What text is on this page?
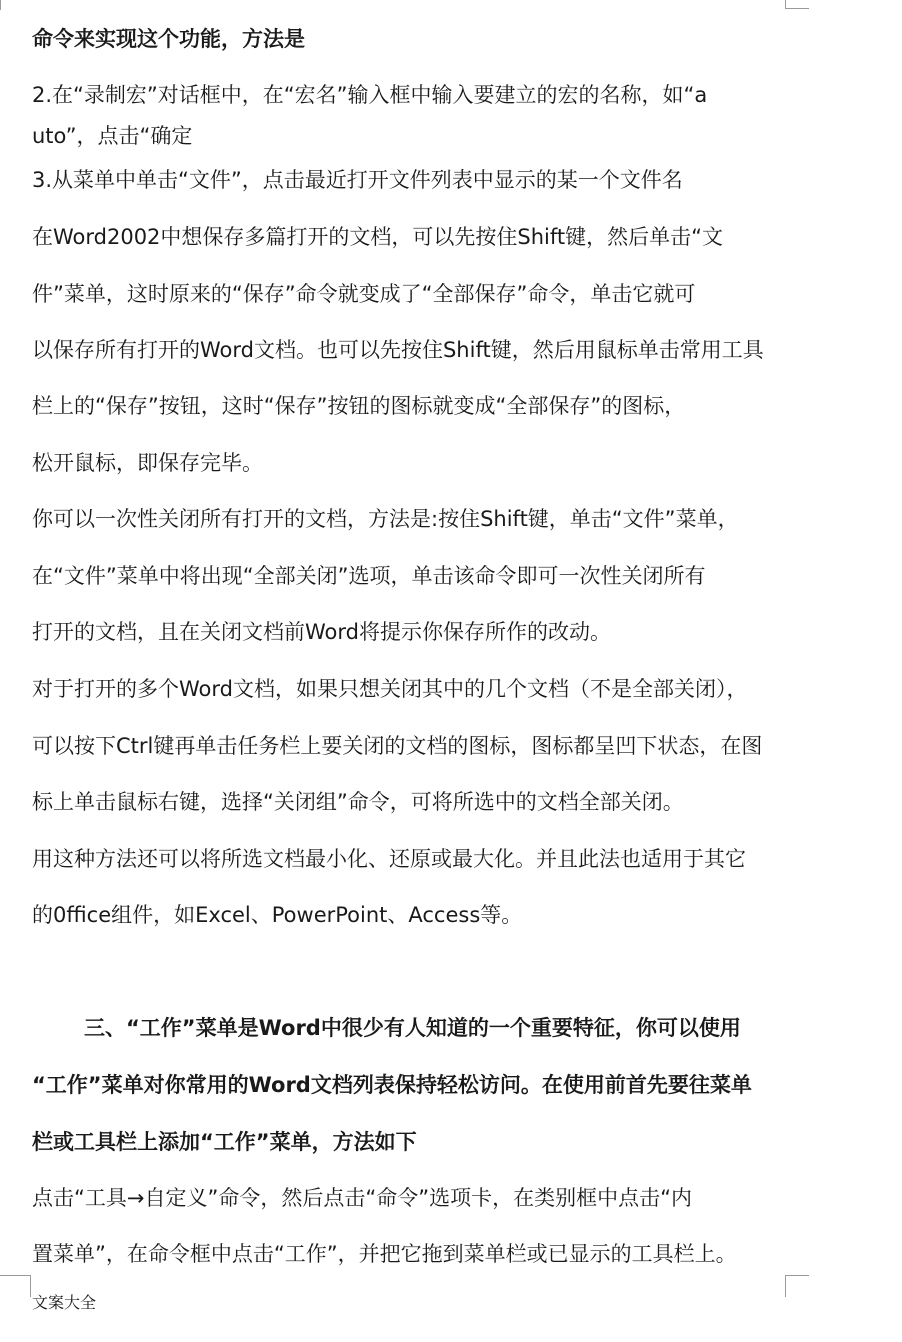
命令来实现这个功能，方法是
2.在“录制宏”对话框中，在“宏名”输入框中输入要建立的宏的名称，如“a
uto”，点击“确定
3.从菜单中单击“文件”，点击最近打开文件列表中显示的某一个文件名
在Word2002中想保存多篇打开的文档，可以先按住Shift键，然后单击“文
件”菜单，这时原来的“保存”命令就变成了“全部保存”命令，单击它就可
以保存所有打开的Word文档。也可以先按住Shift键，然后用鼠标单击常用工具
栏上的“保存”按钮，这时“保存”按钮的图标就变成“全部保存”的图标，
松开鼠标，即保存完毕。
你可以一次性关闭所有打开的文档，方法是:按住Shift键，单击“文件”菜单，
在“文件”菜单中将出现“全部关闭”选项，单击该命令即可一次性关闭所有
打开的文档，且在关闭文档前Word将提示你保存所作的改动。
对于打开的多个Word文档，如果只想关闭其中的几个文档（不是全部关闭），
可以按下Ctrl键再单击任务栏上要关闭的文档的图标，图标都呈凹下状态，在图
标上单击鼠标右键，选择“关闭组”命令，可将所选中的文档全部关闭。
用这种方法还可以将所选文档最小化、还原或最大化。并且此法也适用于其它
的0ffice组件，如Excel、PowerPoint、Access等。
三、“工作”菜单是Word中很少有人知道的一个重要特征，你可以使用
“工作”菜单对你常用的Word文档列表保持轻松访问。在使用前首先要往菜单
栏或工具栏上添加“工作”菜单，方法如下
点击“工具→自定义”命令，然后点击“命令”选项卡，在类别框中点击“内
置菜单”，在命令框中点击“工作”，并把它拖到菜单栏或已显示的工具栏上。
文案大全
